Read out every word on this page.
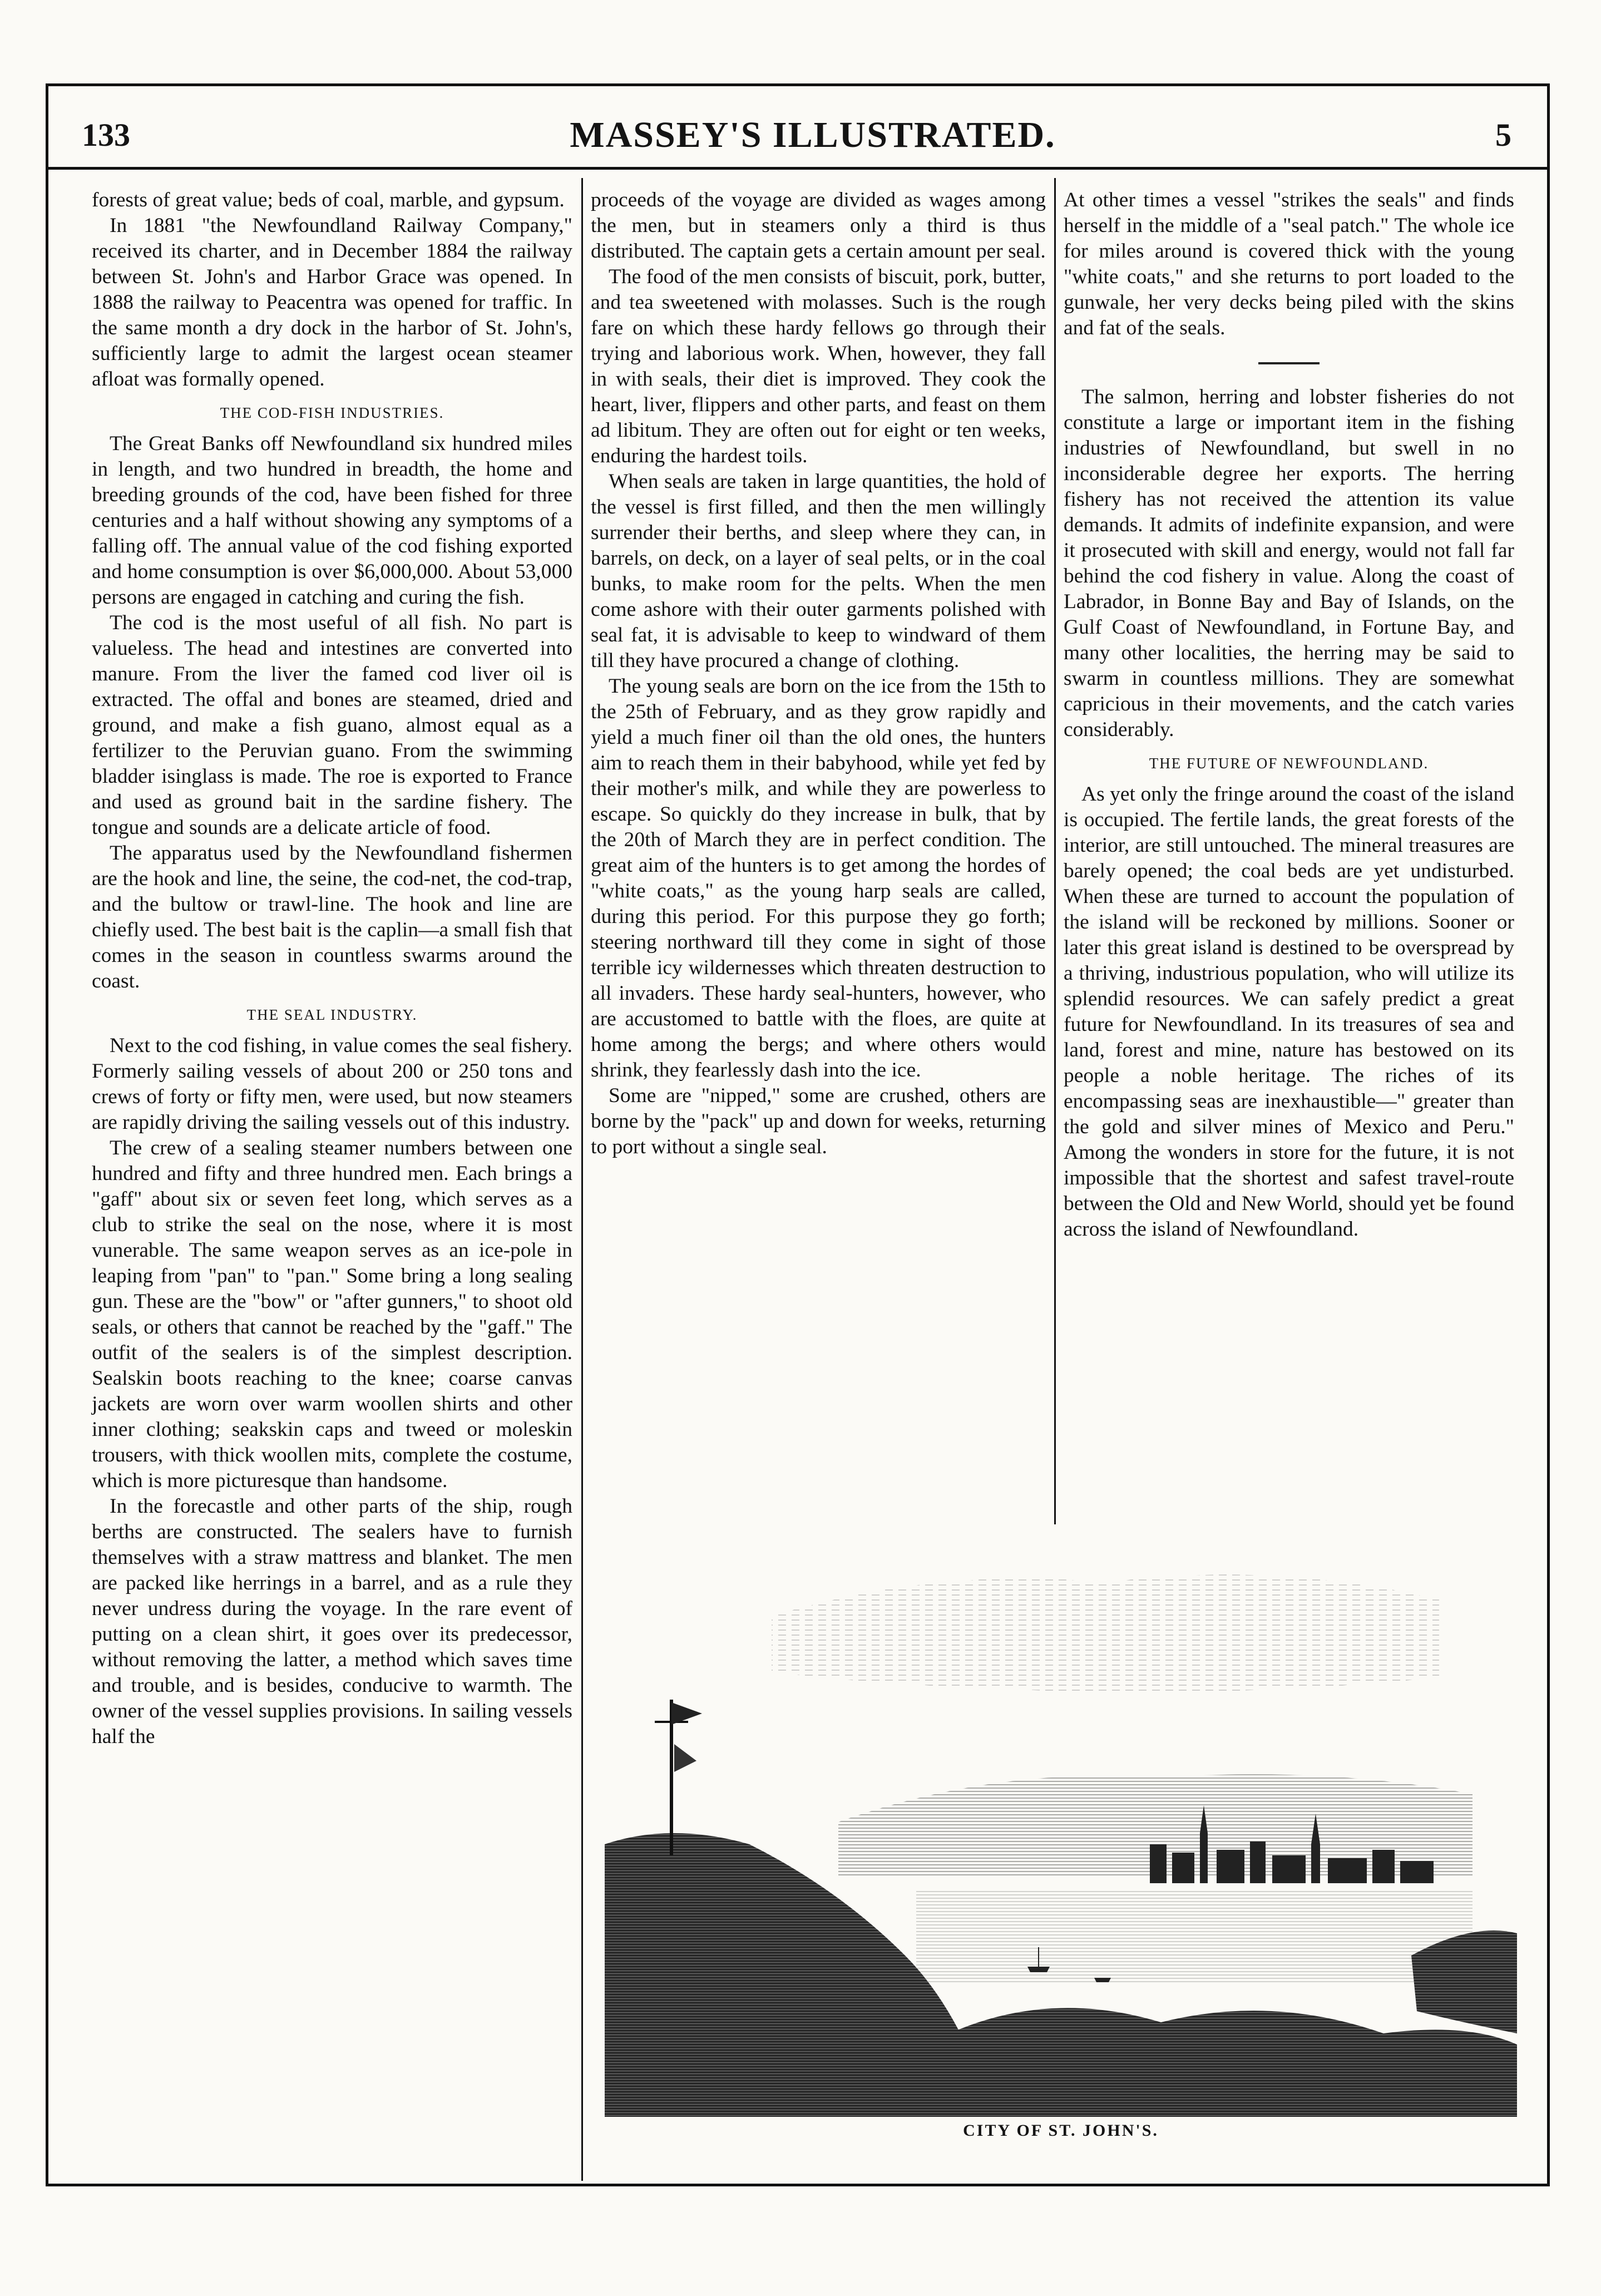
133	MASSEY'S ILLUSTRATED.	5

forests of great value; beds of coal, marble, and gypsum.

In 1881 "the Newfoundland Railway Company," received its charter, and in December 1884 the railway between St. John's and Harbor Grace was opened. In 1888 the railway to Peacentra was opened for traffic. In the same month a dry dock in the harbor of St. John's, sufficiently large to admit the largest ocean steamer afloat was formally opened.

THE COD-FISH INDUSTRIES.

The Great Banks off Newfoundland six hundred miles in length, and two hundred in breadth, the home and breeding grounds of the cod, have been fished for three centuries and a half without showing any symptoms of a falling off. The annual value of the cod fishing exported and home consumption is over $6,000,000. About 53,000 persons are engaged in catching and curing the fish.

The cod is the most useful of all fish. No part is valueless. The head and intestines are converted into manure. From the liver the famed cod liver oil is extracted. The offal and bones are steamed, dried and ground, and make a fish guano, almost equal as a fertilizer to the Peruvian guano. From the swimming bladder isinglass is made. The roe is exported to France and used as ground bait in the sardine fishery. The tongue and sounds are a delicate article of food.

The apparatus used by the Newfoundland fishermen are the hook and line, the seine, the cod-net, the cod-trap, and the bultow or trawl-line. The hook and line are chiefly used. The best bait is the caplin—a small fish that comes in the season in countless swarms around the coast.

THE SEAL INDUSTRY.

Next to the cod fishing, in value comes the seal fishery. Formerly sailing vessels of about 200 or 250 tons and crews of forty or fifty men, were used, but now steamers are rapidly driving the sailing vessels out of this industry.

The crew of a sealing steamer numbers between one hundred and fifty and three hundred men. Each brings a "gaff" about six or seven feet long, which serves as a club to strike the seal on the nose, where it is most vunerable. The same weapon serves as an ice-pole in leaping from "pan" to "pan." Some bring a long sealing gun. These are the "bow" or "after gunners," to shoot old seals, or others that cannot be reached by the "gaff." The outfit of the sealers is of the simplest description. Sealskin boots reaching to the knee; coarse canvas jackets are worn over warm woollen shirts and other inner clothing; seakskin caps and tweed or moleskin trousers, with thick woollen mits, complete the costume, which is more picturesque than handsome.

In the forecastle and other parts of the ship, rough berths are constructed. The sealers have to furnish themselves with a straw mattress and blanket. The men are packed like herrings in a barrel, and as a rule they never undress during the voyage. In the rare event of putting on a clean shirt, it goes over its predecessor, without removing the latter, a method which saves time and trouble, and is besides, conducive to warmth. The owner of the vessel supplies provisions. In sailing vessels half the

proceeds of the voyage are divided as wages among the men, but in steamers only a third is thus distributed. The captain gets a certain amount per seal.

The food of the men consists of biscuit, pork, butter, and tea sweetened with molasses. Such is the rough fare on which these hardy fellows go through their trying and laborious work. When, however, they fall in with seals, their diet is improved. They cook the heart, liver, flippers and other parts, and feast on them ad libitum. They are often out for eight or ten weeks, enduring the hardest toils.

When seals are taken in large quantities, the hold of the vessel is first filled, and then the men willingly surrender their berths, and sleep where they can, in barrels, on deck, on a layer of seal pelts, or in the coal bunks, to make room for the pelts. When the men come ashore with their outer garments polished with seal fat, it is advisable to keep to windward of them till they have procured a change of clothing.

The young seals are born on the ice from the 15th to the 25th of February, and as they grow rapidly and yield a much finer oil than the old ones, the hunters aim to reach them in their babyhood, while yet fed by their mother's milk, and while they are powerless to escape. So quickly do they increase in bulk, that by the 20th of March they are in perfect condition. The great aim of the hunters is to get among the hordes of "white coats," as the young harp seals are called, during this period. For this purpose they go forth; steering northward till they come in sight of those terrible icy wildernesses which threaten destruction to all invaders. These hardy seal-hunters, however, who are accustomed to battle with the floes, are quite at home among the bergs; and where others would shrink, they fearlessly dash into the ice.

Some are "nipped," some are crushed, others are borne by the "pack" up and down for weeks, returning to port without a single seal.

At other times a vessel "strikes the seals" and finds herself in the middle of a "seal patch." The whole ice for miles around is covered thick with the young "white coats," and she returns to port loaded to the gunwale, her very decks being piled with the skins and fat of the seals.

The salmon, herring and lobster fisheries do not constitute a large or important item in the fishing industries of Newfoundland, but swell in no inconsiderable degree her exports. The herring fishery has not received the attention its value demands. It admits of indefinite expansion, and were it prosecuted with skill and energy, would not fall far behind the cod fishery in value. Along the coast of Labrador, in Bonne Bay and Bay of Islands, on the Gulf Coast of Newfoundland, in Fortune Bay, and many other localities, the herring may be said to swarm in countless millions. They are somewhat capricious in their movements, and the catch varies considerably.

THE FUTURE OF NEWFOUNDLAND.

As yet only the fringe around the coast of the island is occupied. The fertile lands, the great forests of the interior, are still untouched. The mineral treasures are barely opened; the coal beds are yet undisturbed. When these are turned to account the population of the island will be reckoned by millions. Sooner or later this great island is destined to be overspread by a thriving, industrious population, who will utilize its splendid resources. We can safely predict a great future for Newfoundland. In its treasures of sea and land, forest and mine, nature has bestowed on its people a noble heritage. The riches of its encompassing seas are inexhaustible—" greater than the gold and silver mines of Mexico and Peru." Among the wonders in store for the future, it is not impossible that the shortest and safest travel-route between the Old and New World, should yet be found across the island of Newfoundland.

CITY OF ST. JOHN'S.
